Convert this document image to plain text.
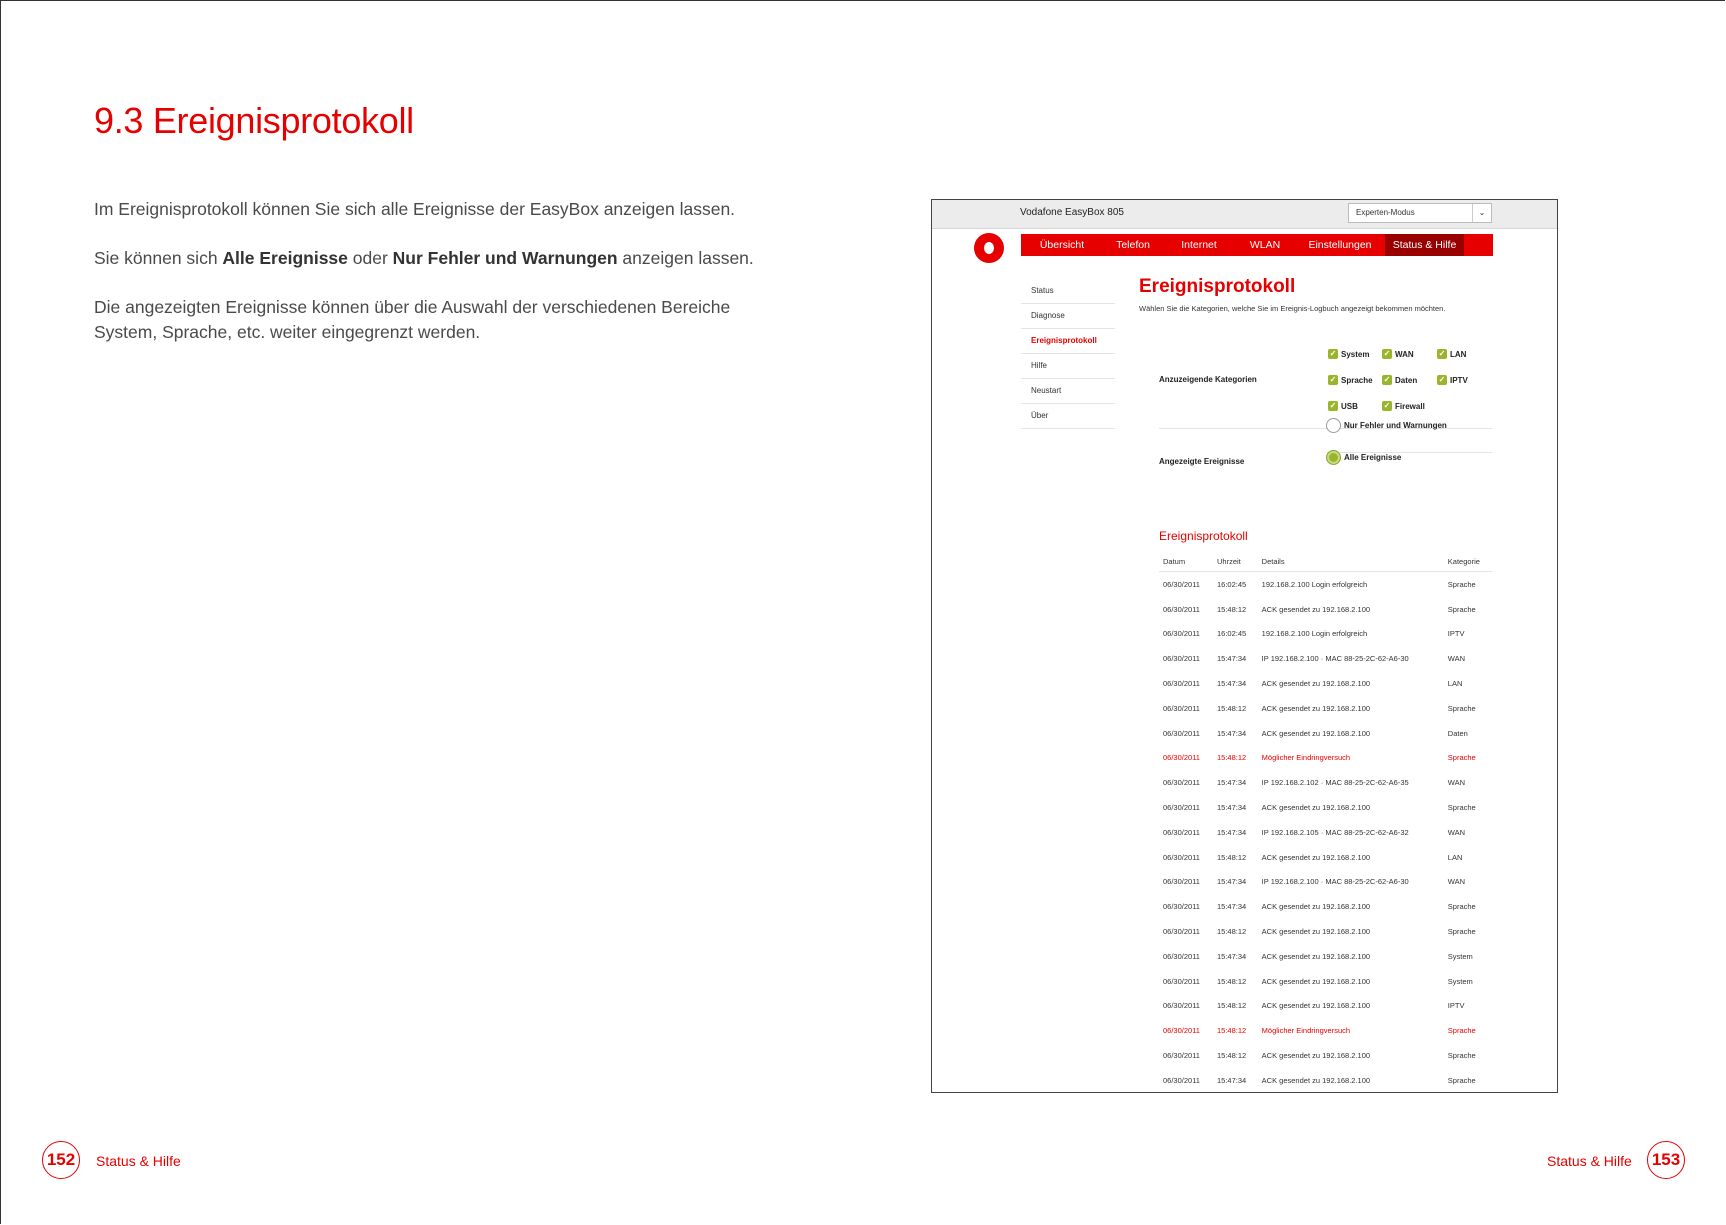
9.3 Ereignisprotokoll

Im Ereignisprotokoll können Sie sich alle Ereignisse der EasyBox anzeigen lassen.

Sie können sich Alle Ereignisse oder Nur Fehler und Warnungen anzeigen lassen.

Die angezeigten Ereignisse können über die Auswahl der verschiedenen Bereiche System, Sprache, etc. weiter eingegrenzt werden.

Vodafone EasyBox 805	Experten-Modus	⌄
Übersicht	Telefon	Internet	WLAN	Einstellungen	Status & Hilfe
Status
Diagnose
Ereignisprotokoll
Hilfe
Neustart
Über
Ereignisprotokoll
Wählen Sie die Kategorien, welche Sie im Ereignis-Logbuch angezeigt bekommen möchten.
Anzuzeigende Kategorien
✓ System ✓ WAN	✓ LAN
✓ Sprache ✓ Daten	✓ IPTV
✓ USB	✓ Firewall
Angezeigte Ereignisse
Nur Fehler und Warnungen
Alle Ereignisse
Ereignisprotokoll
Datum	Uhrzeit	Details	Kategorie
06/30/2011	16:02:45	192.168.2.100 Login erfolgreich	Sprache
06/30/2011	15:48:12	ACK gesendet zu 192.168.2.100	Sprache
06/30/2011	16:02:45	192.168.2.100 Login erfolgreich	IPTV
06/30/2011	15:47:34	IP 192.168.2.100 · MAC 88-25-2C-62-A6-30	WAN
06/30/2011	15:47:34	ACK gesendet zu 192.168.2.100	LAN
06/30/2011	15:48:12	ACK gesendet zu 192.168.2.100	Sprache
06/30/2011	15:47:34	ACK gesendet zu 192.168.2.100	Daten
06/30/2011	15:48:12	Möglicher Eindringversuch	Sprache
06/30/2011	15:47:34	IP 192.168.2.102 · MAC 88-25-2C-62-A6-35	WAN
06/30/2011	15:47:34	ACK gesendet zu 192.168.2.100	Sprache
06/30/2011	15:47:34	IP 192.168.2.105 · MAC 88-25-2C-62-A6-32	WAN
06/30/2011	15:48:12	ACK gesendet zu 192.168.2.100	LAN
06/30/2011	15:47:34	IP 192.168.2.100 · MAC 88-25-2C-62-A6-30	WAN
06/30/2011	15:47:34	ACK gesendet zu 192.168.2.100	Sprache
06/30/2011	15:48:12	ACK gesendet zu 192.168.2.100	Sprache
06/30/2011	15:47:34	ACK gesendet zu 192.168.2.100	System
06/30/2011	15:48:12	ACK gesendet zu 192.168.2.100	System
06/30/2011	15:48:12	ACK gesendet zu 192.168.2.100	IPTV
06/30/2011	15:48:12	Möglicher Eindringversuch	Sprache
06/30/2011	15:48:12	ACK gesendet zu 192.168.2.100	Sprache
06/30/2011	15:47:34	ACK gesendet zu 192.168.2.100	Sprache
152	Status & Hilfe	Status & Hilfe 153
